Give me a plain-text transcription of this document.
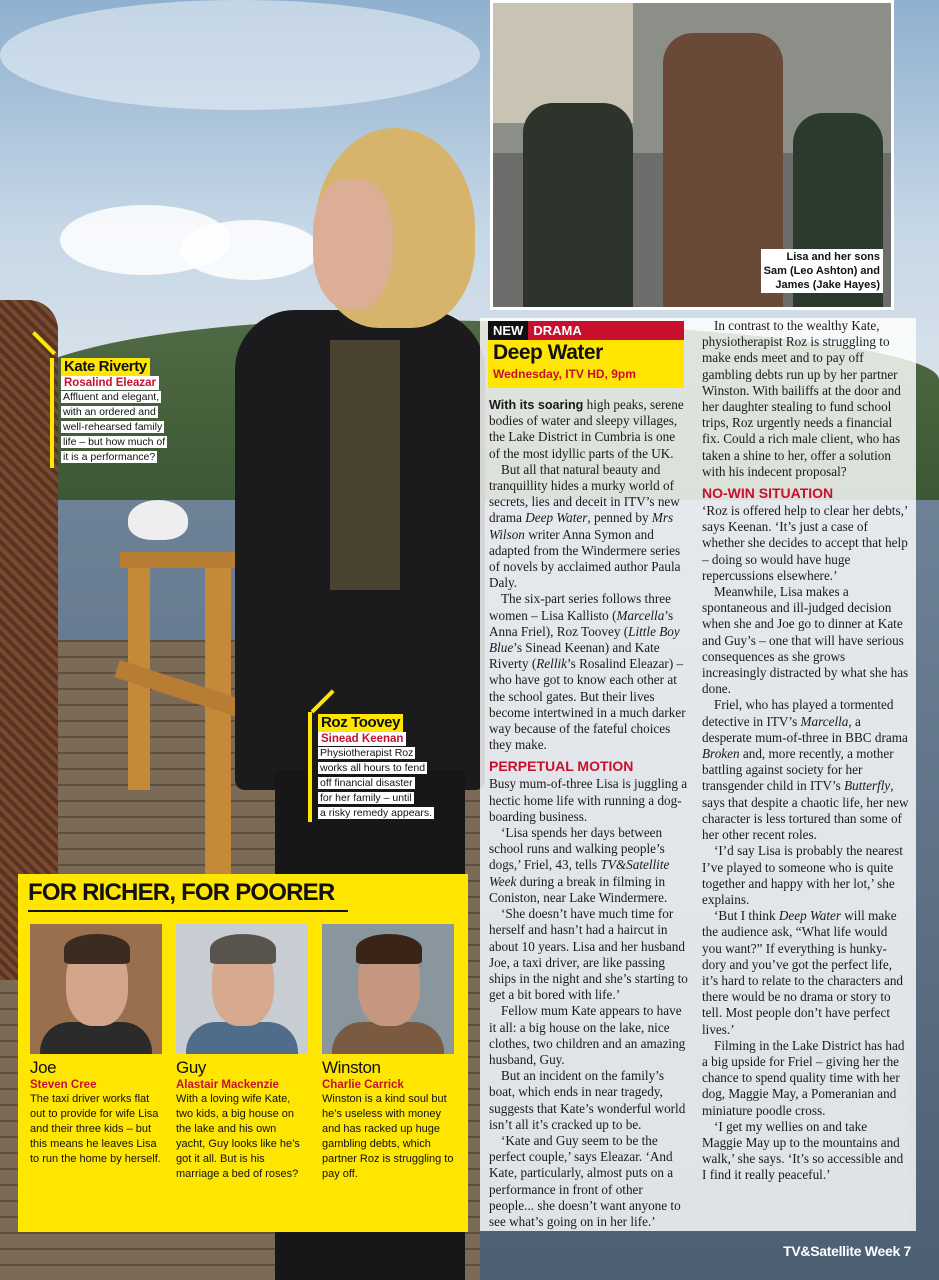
Lisa and her sons
Sam (Leo Ashton) and
James (Jake Hayes)
Kate Riverty
Rosalind Eleazar
Affluent and elegant,
with an ordered and
well-rehearsed family
life – but how much of
it is a performance?
Roz Toovey
Sinead Keenan
Physiotherapist Roz
works all hours to fend
off financial disaster
for her family – until
a risky remedy appears.
NEW DRAMA
Deep Water
Wednesday, ITV HD, 9pm

With its soaring high peaks, serene bodies of water and sleepy villages, the Lake District in Cumbria is one of the most idyllic parts of the UK.

But all that natural beauty and tranquillity hides a murky world of secrets, lies and deceit in ITV’s new drama Deep Water, penned by Mrs Wilson writer Anna Symon and adapted from the Windermere series of novels by acclaimed author Paula Daly.

The six-part series follows three women – Lisa Kallisto (Marcella’s Anna Friel), Roz Toovey (Little Boy Blue’s Sinead Keenan) and Kate Riverty (Rellik’s Rosalind Eleazar) – who have got to know each other at the school gates. But their lives become intertwined in a much darker way because of the fateful choices they make.

PERPETUAL MOTION

Busy mum-of-three Lisa is juggling a hectic home life with running a dog-boarding business.

‘Lisa spends her days between school runs and walking people’s dogs,’ Friel, 43, tells TV&Satellite Week during a break in filming in Coniston, near Lake Windermere.

‘She doesn’t have much time for herself and hasn’t had a haircut in about 10 years. Lisa and her husband Joe, a taxi driver, are like passing ships in the night and she’s starting to get a bit bored with life.’

Fellow mum Kate appears to have it all: a big house on the lake, nice clothes, two children and an amazing husband, Guy.

But an incident on the family’s boat, which ends in near tragedy, suggests that Kate’s wonderful world isn’t all it’s cracked up to be.

‘Kate and Guy seem to be the perfect couple,’ says Eleazar. ‘And Kate, particularly, almost puts on a performance in front of other people... she doesn’t want anyone to see what’s going on in her life.’

In contrast to the wealthy Kate, physiotherapist Roz is struggling to make ends meet and to pay off gambling debts run up by her partner Winston. With bailiffs at the door and her daughter stealing to fund school trips, Roz urgently needs a financial fix. Could a rich male client, who has taken a shine to her, offer a solution with his indecent proposal?

NO-WIN SITUATION

‘Roz is offered help to clear her debts,’ says Keenan. ‘It’s just a case of whether she decides to accept that help – doing so would have huge repercussions elsewhere.’

Meanwhile, Lisa makes a spontaneous and ill-judged decision when she and Joe go to dinner at Kate and Guy’s – one that will have serious consequences as she grows increasingly distracted by what she has done.

Friel, who has played a tormented detective in ITV’s Marcella, a desperate mum-of-three in BBC drama Broken and, more recently, a mother battling against society for her transgender child in ITV’s Butterfly, says that despite a chaotic life, her new character is less tortured than some of her other recent roles.

‘I’d say Lisa is probably the nearest I’ve played to someone who is quite together and happy with her lot,’ she explains.

‘But I think Deep Water will make the audience ask, “What life would you want?” If everything is hunky-dory and you’ve got the perfect life, it’s hard to relate to the characters and there would be no drama or story to tell. Most people don’t have perfect lives.’

Filming in the Lake District has had a big upside for Friel – giving her the chance to spend quality time with her dog, Maggie May, a Pomeranian and miniature poodle cross.

‘I get my wellies on and take Maggie May up to the mountains and walk,’ she says. ‘It’s so accessible and I find it really peaceful.’	WORDS: VICTORIA WILSON. PHOTOS: ITV
TV&Satellite Week 7
Joe
Steven Cree
The taxi driver works flat out to provide for wife Lisa and their three kids – but this means he leaves Lisa to run the home by herself.
Guy
Alastair Mackenzie
With a loving wife Kate, two kids, a big house on the lake and his own yacht, Guy looks like he’s got it all. But is his marriage a bed of roses?
Winston
Charlie Carrick
Winston is a kind soul but he’s useless with money and has racked up huge gambling debts, which partner Roz is struggling to pay off.
FOR RICHER, FOR POORER
